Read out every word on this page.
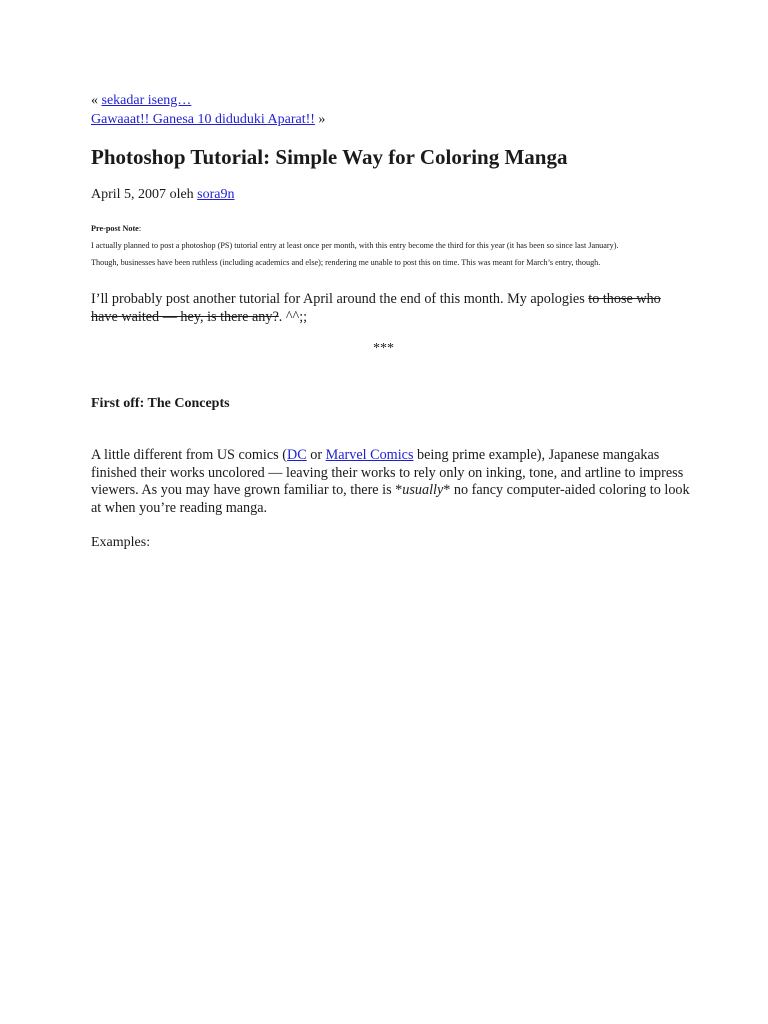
« sekadar iseng…
Gawaaat!! Ganesa 10 diduduki Aparat!! »
Photoshop Tutorial: Simple Way for Coloring Manga
April 5, 2007 oleh sora9n
Pre-post Note:
I actually planned to post a photoshop (PS) tutorial entry at least once per month, with this entry become the third for this year (it has been so since last January).
Though, businesses have been ruthless (including academics and else); rendering me unable to post this on time. This was meant for March’s entry, though.
I’ll probably post another tutorial for April around the end of this month. My apologies to those who have waited — hey, is there any?. ^^;;
***
First off: The Concepts
A little different from US comics (DC or Marvel Comics being prime example), Japanese mangakas finished their works uncolored — leaving their works to rely only on inking, tone, and artline to impress viewers. As you may have grown familiar to, there is *usually* no fancy computer-aided coloring to look at when you’re reading manga.
Examples:
